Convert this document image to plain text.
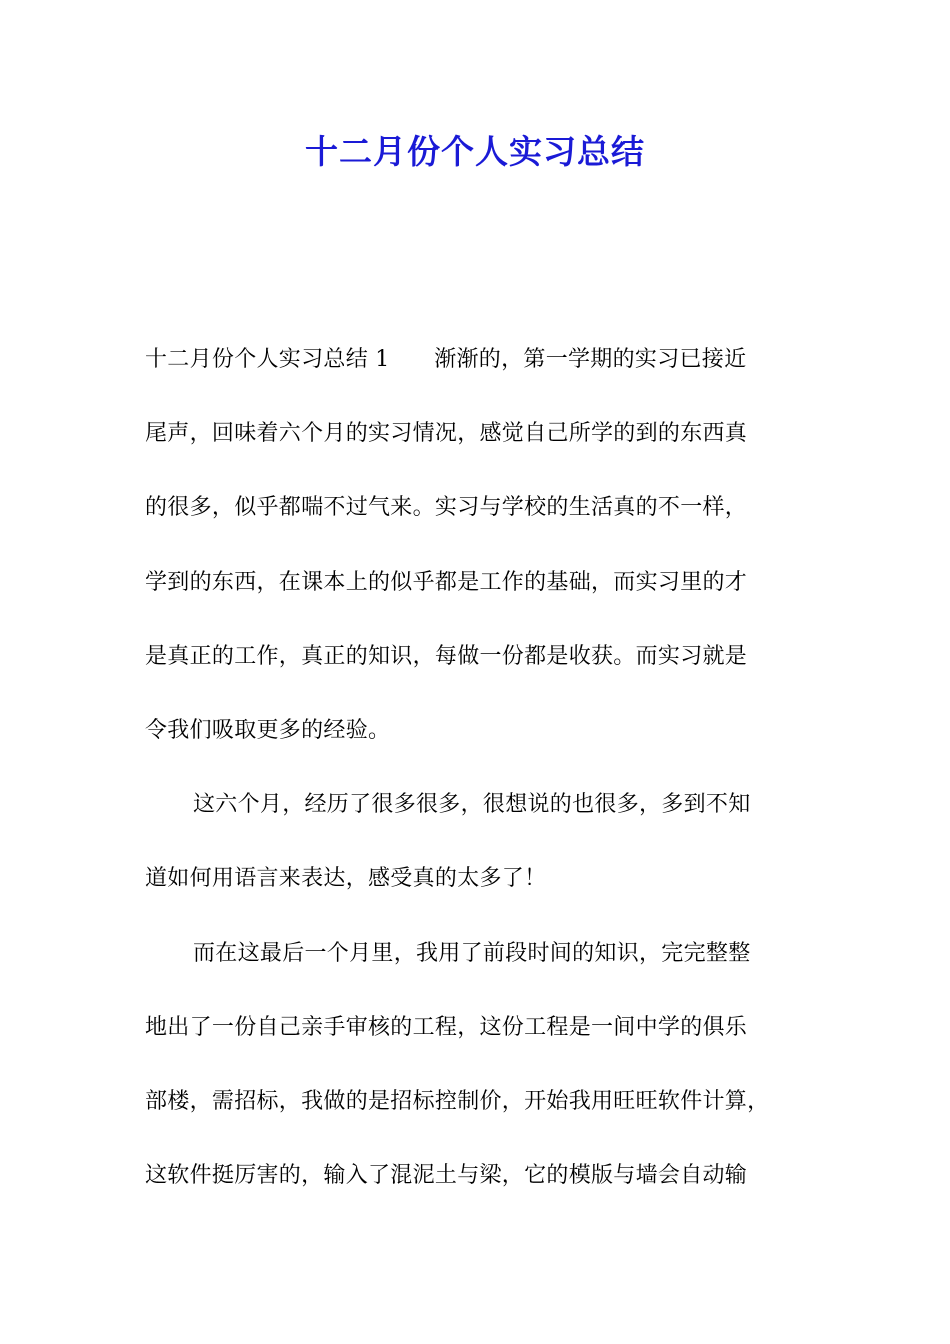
十二月份个人实习总结
十二月份个人实习总结 1　　渐渐的，第一学期的实习已接近
尾声，回味着六个月的实习情况，感觉自己所学的到的东西真
的很多，似乎都喘不过气来。实习与学校的生活真的不一样，
学到的东西，在课本上的似乎都是工作的基础，而实习里的才
是真正的工作，真正的知识，每做一份都是收获。而实习就是
令我们吸取更多的经验。
这六个月，经历了很多很多，很想说的也很多，多到不知
道如何用语言来表达，感受真的太多了！
而在这最后一个月里，我用了前段时间的知识，完完整整
地出了一份自己亲手审核的工程，这份工程是一间中学的俱乐
部楼，需招标，我做的是招标控制价，开始我用旺旺软件计算，
这软件挺厉害的，输入了混泥土与梁，它的模版与墙会自动输
